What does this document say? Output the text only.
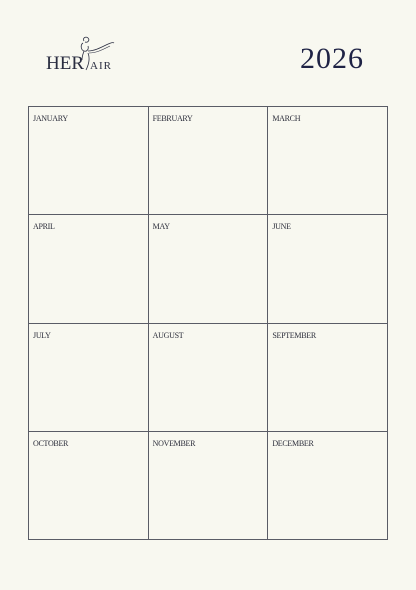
HER AIR	2026
JANUARY	FEBRUARY	MARCH
APRIL	MAY	JUNE
JULY	AUGUST	SEPTEMBER
OCTOBER	NOVEMBER	DECEMBER
